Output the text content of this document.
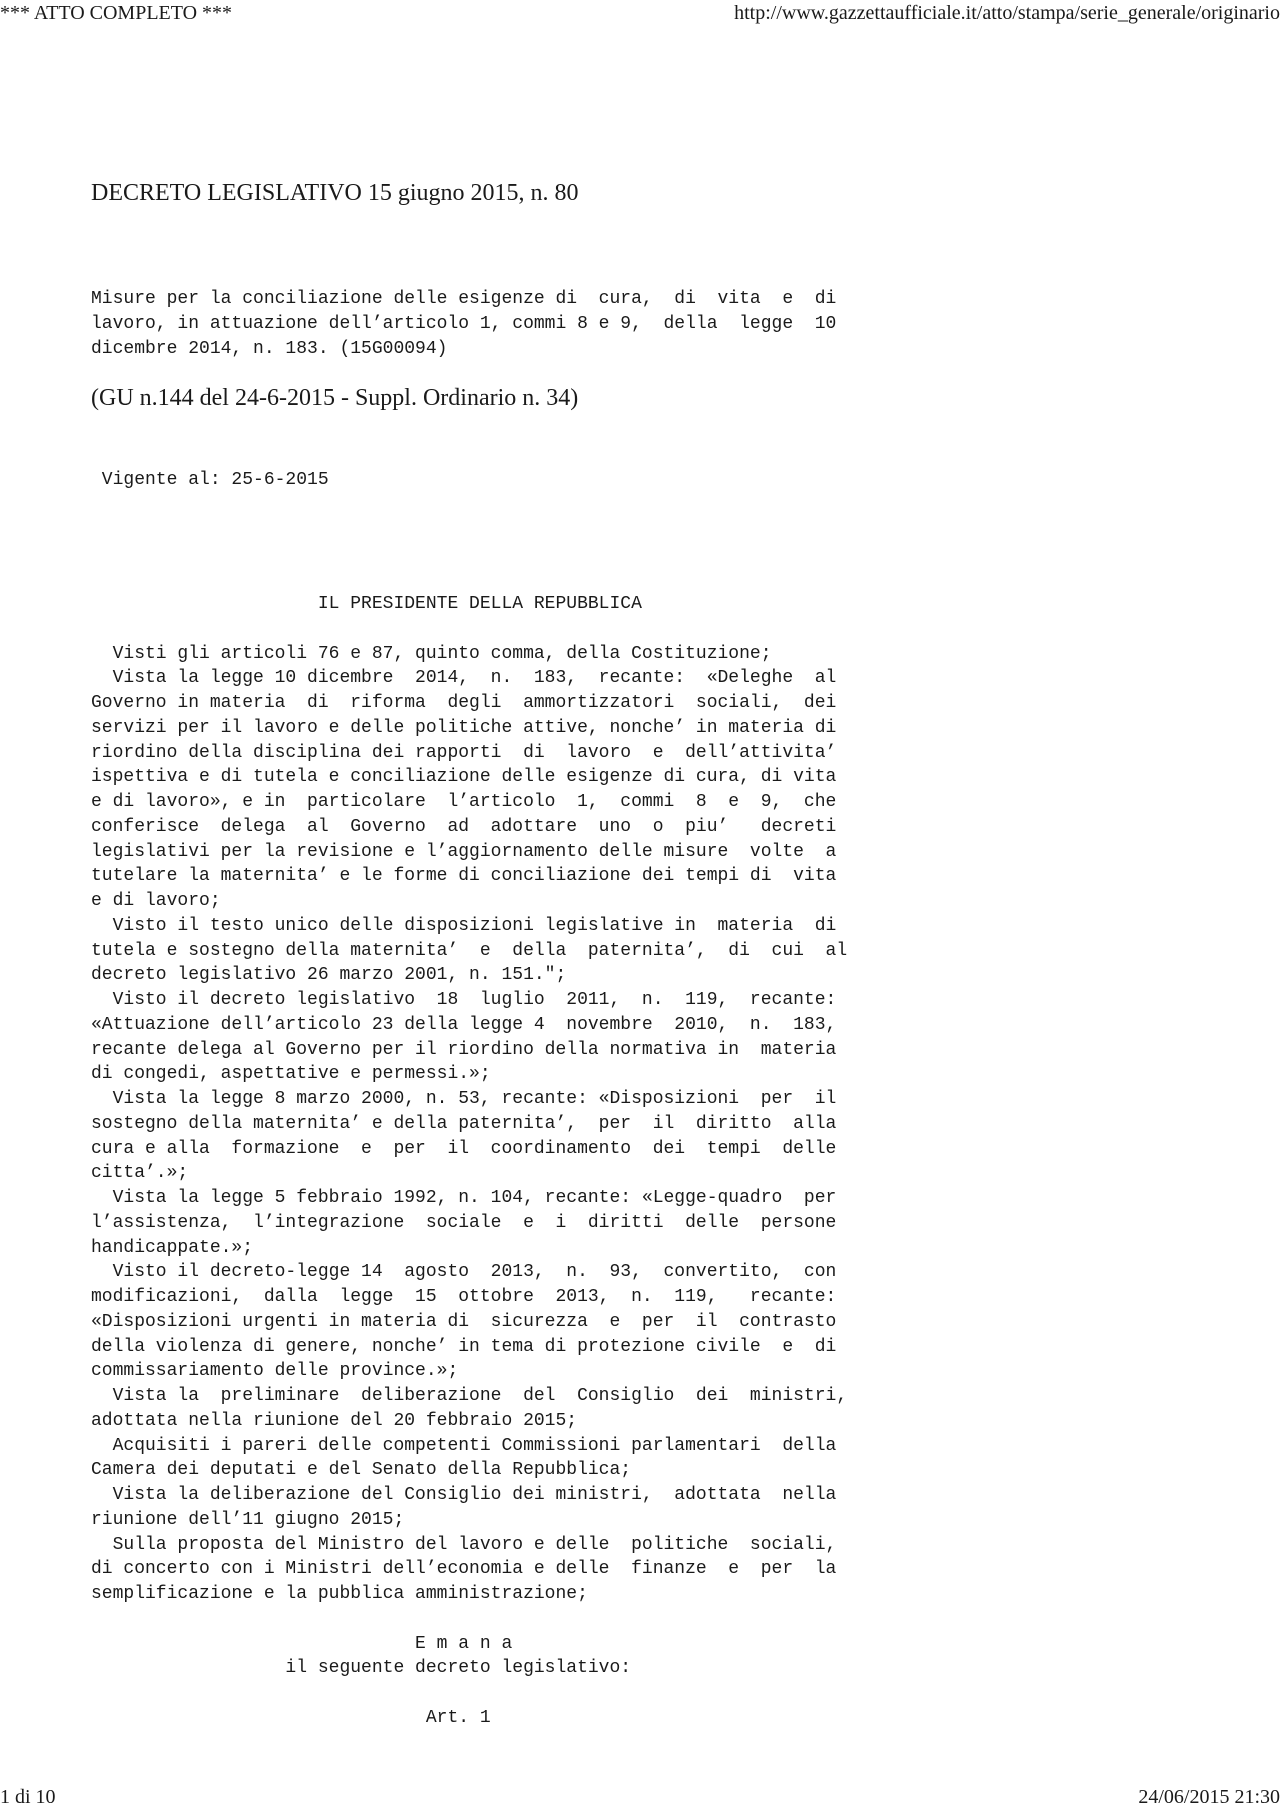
*** ATTO COMPLETO ***	http://www.gazzettaufficiale.it/atto/stampa/serie_generale/originario
DECRETO LEGISLATIVO 15 giugno 2015, n. 80
Misure per la conciliazione delle esigenze di  cura,  di  vita  e  di
lavoro, in attuazione dell’articolo 1, commi 8 e 9,  della  legge  10
dicembre 2014, n. 183. (15G00094)
(GU n.144 del 24-6-2015 - Suppl. Ordinario n. 34)
Vigente al: 25-6-2015
IL PRESIDENTE DELLA REPUBBLICA

Visti gli articoli 76 e 87, quinto comma, della Costituzione;
Vista la legge 10 dicembre  2014,  n.  183,  recante:  «Deleghe  al
Governo in materia  di  riforma  degli  ammortizzatori  sociali,  dei
servizi per il lavoro e delle politiche attive, nonche’ in materia di
riordino della disciplina dei rapporti  di  lavoro  e  dell’attivita’
ispettiva e di tutela e conciliazione delle esigenze di cura, di vita
e di lavoro», e in  particolare  l’articolo  1,  commi  8  e  9,  che
conferisce  delega  al  Governo  ad  adottare  uno  o  piu’   decreti
legislativi per la revisione e l’aggiornamento delle misure  volte  a
tutelare la maternita’ e le forme di conciliazione dei tempi di  vita
e di lavoro;
Visto il testo unico delle disposizioni legislative in  materia  di
tutela e sostegno della maternita’  e  della  paternita’,  di  cui  al
decreto legislativo 26 marzo 2001, n. 151.";
Visto il decreto legislativo  18  luglio  2011,  n.  119,  recante:
«Attuazione dell’articolo 23 della legge 4  novembre  2010,  n.  183,
recante delega al Governo per il riordino della normativa in  materia
di congedi, aspettative e permessi.»;
Vista la legge 8 marzo 2000, n. 53, recante: «Disposizioni  per  il
sostegno della maternita’ e della paternita’,  per  il  diritto  alla
cura e alla  formazione  e  per  il  coordinamento  dei  tempi  delle
citta’.»;
Vista la legge 5 febbraio 1992, n. 104, recante: «Legge-quadro  per
l’assistenza,  l’integrazione  sociale  e  i  diritti  delle  persone
handicappate.»;
Visto il decreto-legge 14  agosto  2013,  n.  93,  convertito,  con
modificazioni,  dalla  legge  15  ottobre  2013,  n.  119,   recante:
«Disposizioni urgenti in materia di  sicurezza  e  per  il  contrasto
della violenza di genere, nonche’ in tema di protezione civile  e  di
commissariamento delle province.»;
Vista la  preliminare  deliberazione  del  Consiglio  dei  ministri,
adottata nella riunione del 20 febbraio 2015;
Acquisiti i pareri delle competenti Commissioni parlamentari  della
Camera dei deputati e del Senato della Repubblica;
Vista la deliberazione del Consiglio dei ministri,  adottata  nella
riunione dell’11 giugno 2015;
Sulla proposta del Ministro del lavoro e delle  politiche  sociali,
di concerto con i Ministri dell’economia e delle  finanze  e  per  la
semplificazione e la pubblica amministrazione;

E m a n a
il seguente decreto legislativo:

Art. 1
1 di 10	24/06/2015 21:30
